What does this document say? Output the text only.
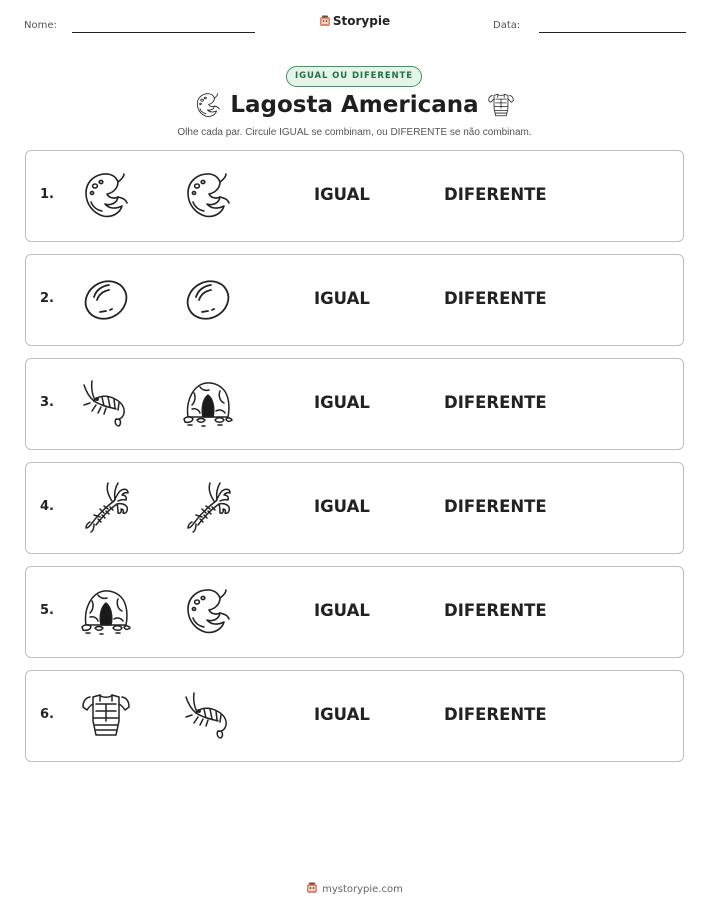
Nome:	Storypie	Data:
IGUAL OU DIFERENTE
Lagosta Americana
Olhe cada par. Circule IGUAL se combinam, ou DIFERENTE se não combinam.
1.	IGUAL	DIFERENTE
2.	IGUAL	DIFERENTE
3.	IGUAL	DIFERENTE
4.	IGUAL	DIFERENTE
5.	IGUAL	DIFERENTE
6.	IGUAL	DIFERENTE
mystorypie.com
